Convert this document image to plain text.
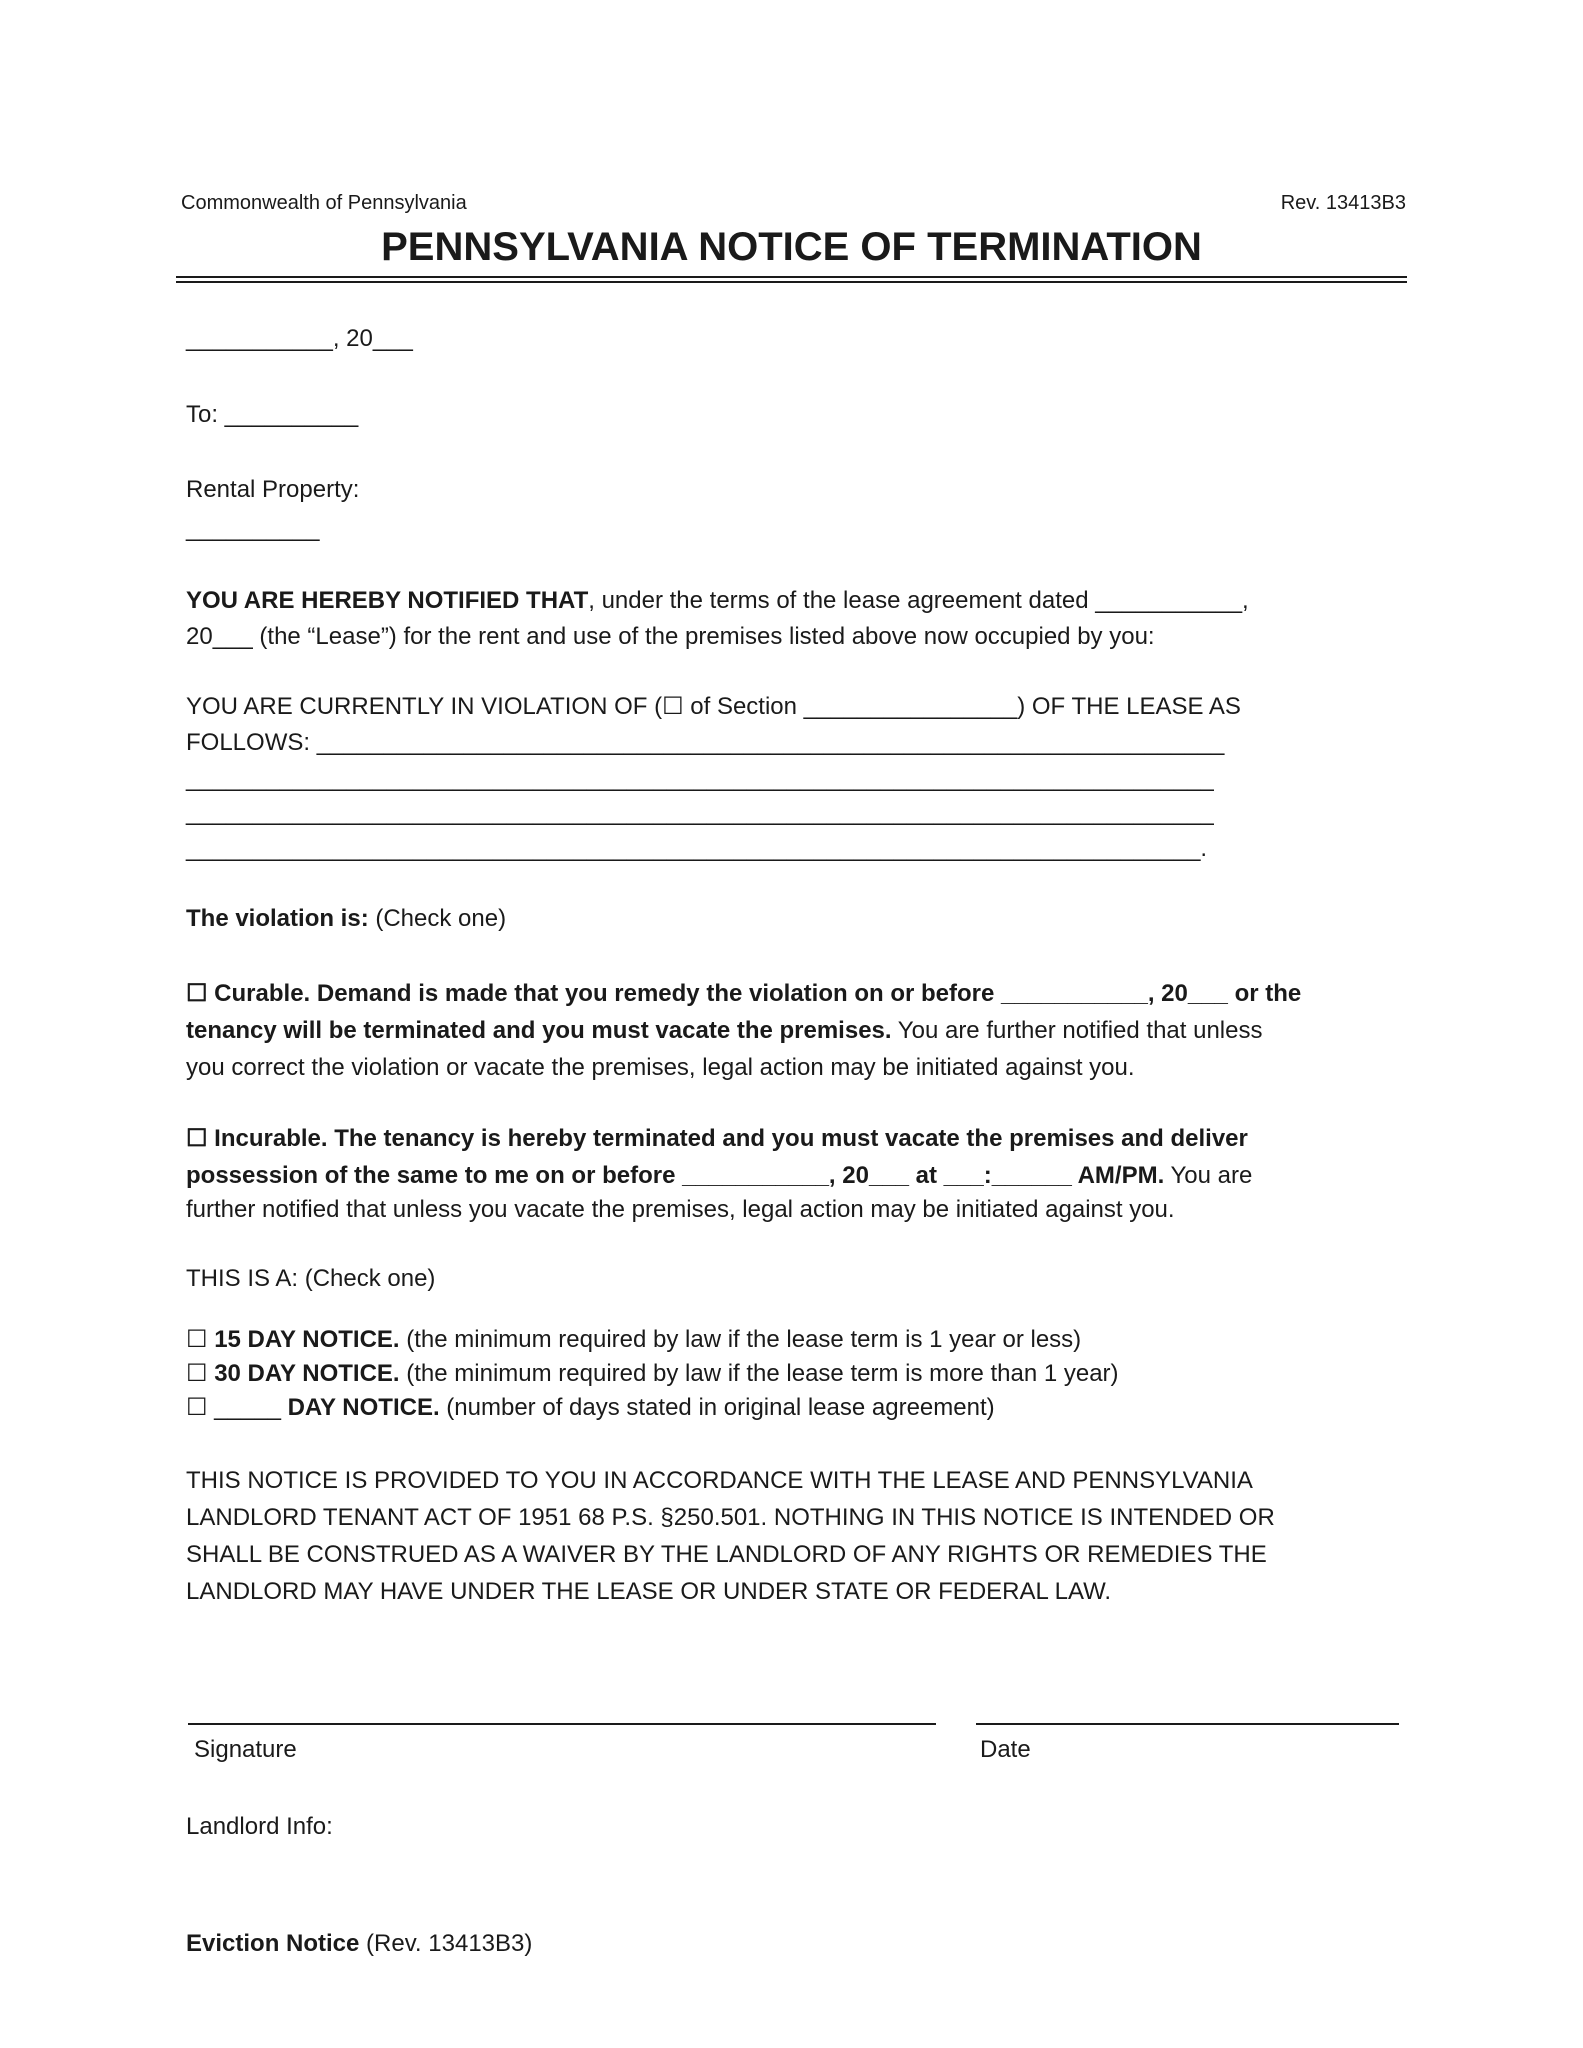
Commonwealth of Pennsylvania	Rev. 13413B3
PENNSYLVANIA NOTICE OF TERMINATION
___________, 20___
To: __________
Rental Property:
__________
YOU ARE HEREBY NOTIFIED THAT, under the terms of the lease agreement dated ___________,
20___ (the “Lease”) for the rent and use of the premises listed above now occupied by you:
YOU ARE CURRENTLY IN VIOLATION OF (☐ of Section ________________) OF THE LEASE AS
FOLLOWS: ____________________________________________________________________
_____________________________________________________________________________
_____________________________________________________________________________
____________________________________________________________________________.
The violation is: (Check one)
☐ Curable. Demand is made that you remedy the violation on or before ___________, 20___ or the
tenancy will be terminated and you must vacate the premises. You are further notified that unless
you correct the violation or vacate the premises, legal action may be initiated against you.
☐ Incurable. The tenancy is hereby terminated and you must vacate the premises and deliver
possession of the same to me on or before ___________, 20___ at ___:______ AM/PM. You are
further notified that unless you vacate the premises, legal action may be initiated against you.
THIS IS A: (Check one)
☐ 15 DAY NOTICE. (the minimum required by law if the lease term is 1 year or less)
☐ 30 DAY NOTICE. (the minimum required by law if the lease term is more than 1 year)
☐ _____ DAY NOTICE. (number of days stated in original lease agreement)
THIS NOTICE IS PROVIDED TO YOU IN ACCORDANCE WITH THE LEASE AND PENNSYLVANIA
LANDLORD TENANT ACT OF 1951 68 P.S. §250.501. NOTHING IN THIS NOTICE IS INTENDED OR
SHALL BE CONSTRUED AS A WAIVER BY THE LANDLORD OF ANY RIGHTS OR REMEDIES THE
LANDLORD MAY HAVE UNDER THE LEASE OR UNDER STATE OR FEDERAL LAW.
Signature	Date
Landlord Info:
Eviction Notice (Rev. 13413B3)
